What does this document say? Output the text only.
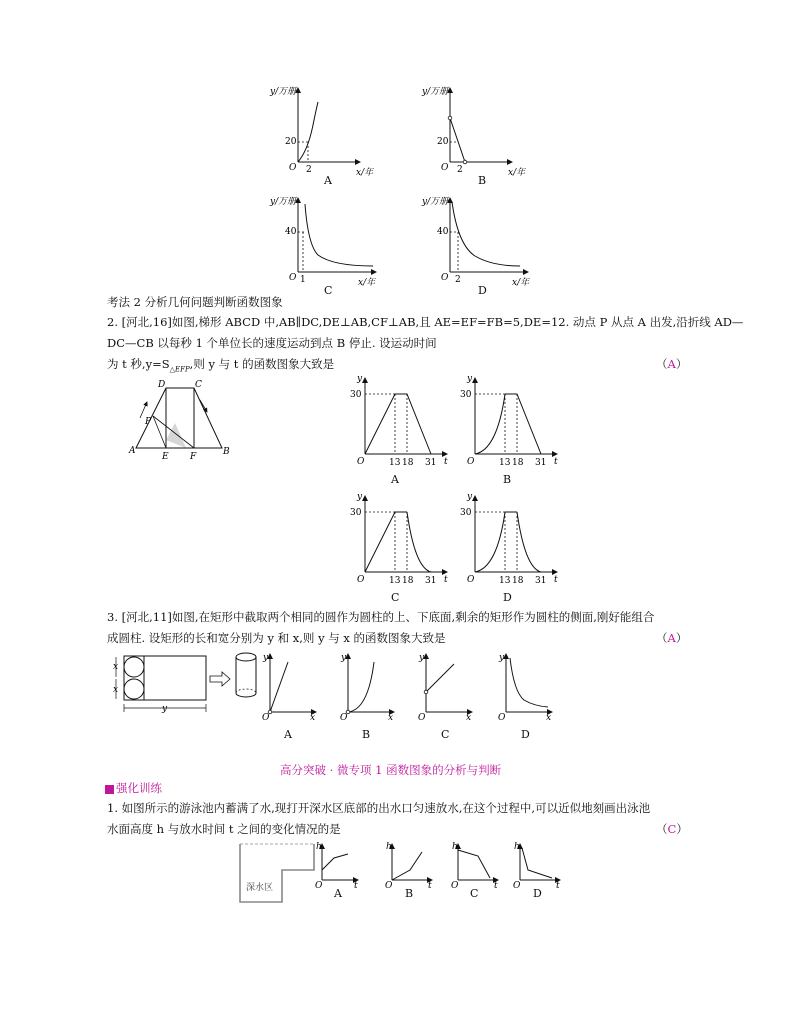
y/万册
20
O 2	x/年
A
y/万册
20
O 2	x/年
B
y/万册
40
O 1	x/年
C
y/万册
40
O 2	x/年
D
考法 2 分析几何问题判断函数图象
2. [河北,16]如图,梯形 ABCD 中,AB∥DC,DE⊥AB,CF⊥AB,且 AE=EF=FB=5,DE=12. 动点 P 从点 A 出发,沿折线 AD—
DC—CB 以每秒 1 个单位长的速度运动到点 B 停止. 设运动时间
为 t 秒$,y=S_{\triangle EFP}$,则 y 与 t 的函数图象大致是	（A）
A	B
C
D
E F
P
y
30
O	13 18 31 t
A
y
30
O	13 18 31 t
B
y
30
O	13 18 31 t
C
y
30
O	13 18 31 t
D
3. [河北,11]如图,在矩形中截取两个相同的圆作为圆柱的上、下底面,剩余的矩形作为圆柱的侧面,刚好能组合
成圆柱. 设矩形的长和宽分别为 y 和 x,则 y 与 x 的函数图象大致是	（A）
x
x
y
y
O	x
A
y
O	x
B
y
O	x
C
y
O	x
D
高分突破 · 微专项 1 函数图象的分析与判断
强化训练
1. 如图所示的游泳池内蓄满了水,现打开深水区底部的出水口匀速放水,在这个过程中,可以近似地刻画出泳池
水面高度 h 与放水时间 t 之间的变化情况的是	（C）
深水区
h
O	t
A
h
O	t
B
h
O	t
C
h
O	t
D
